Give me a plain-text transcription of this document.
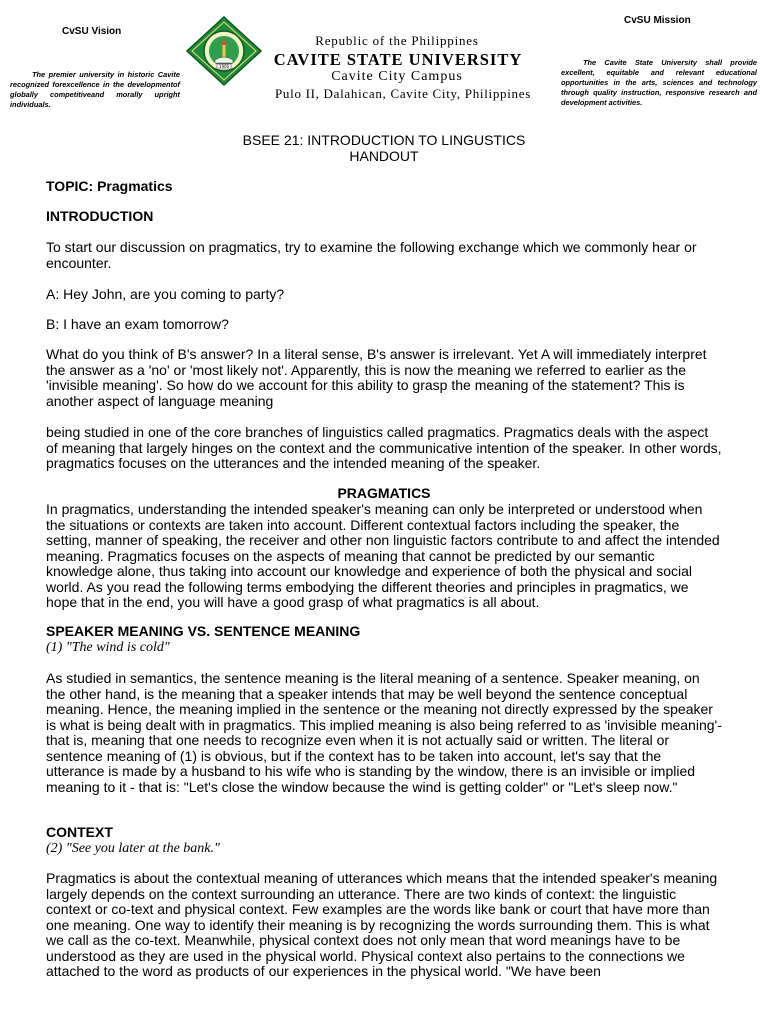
CvSU Vision
The premier university in historic Cavite recognized forexcellence in the developmentof globally competitiveand morally upright individuals.
CvSU Mission
The Cavite State University shall provide excellent, equitable and relevant educational opportunities in the arts, sciences and technology through quality instruction, responsive research and development activities.
1906
Republic of the Philippines
CAVITE STATE UNIVERSITY
Cavite City Campus
Pulo II, Dalahican, Cavite City, Philippines
BSEE 21: INTRODUCTION TO LINGUSTICS
HANDOUT
TOPIC: Pragmatics
INTRODUCTION
To start our discussion on pragmatics, try to examine the following exchange which we commonly hear or encounter.
A: Hey John, are you coming to party?
B: I have an exam tomorrow?
What do you think of B's answer? In a literal sense, B's answer is irrelevant. Yet A will immediately interpret the answer as a 'no' or 'most likely not'. Apparently, this is now the meaning we referred to earlier as the 'invisible meaning'. So how do we account for this ability to grasp the meaning of the statement? This is another aspect of language meaning
being studied in one of the core branches of linguistics called pragmatics. Pragmatics deals with the aspect of meaning that largely hinges on the context and the communicative intention of the speaker. In other words, pragmatics focuses on the utterances and the intended meaning of the speaker.
PRAGMATICS
In pragmatics, understanding the intended speaker's meaning can only be interpreted or understood when the situations or contexts are taken into account. Different contextual factors including the speaker, the setting, manner of speaking, the receiver and other non linguistic factors contribute to and affect the intended meaning. Pragmatics focuses on the aspects of meaning that cannot be predicted by our semantic knowledge alone, thus taking into account our knowledge and experience of both the physical and social world. As you read the following terms embodying the different theories and principles in pragmatics, we hope that in the end, you will have a good grasp of what pragmatics is all about.
SPEAKER MEANING VS. SENTENCE MEANING
(1) "The wind is cold"
As studied in semantics, the sentence meaning is the literal meaning of a sentence. Speaker meaning, on the other hand, is the meaning that a speaker intends that may be well beyond the sentence conceptual meaning. Hence, the meaning implied in the sentence or the meaning not directly expressed by the speaker is what is being dealt with in pragmatics. This implied meaning is also being referred to as 'invisible meaning'- that is, meaning that one needs to recognize even when it is not actually said or written. The literal or sentence meaning of (1) is obvious, but if the context has to be taken into account, let's say that the utterance is made by a husband to his wife who is standing by the window, there is an invisible or implied meaning to it - that is: "Let's close the window because the wind is getting colder" or "Let's sleep now."
CONTEXT
(2) "See you later at the bank."
Pragmatics is about the contextual meaning of utterances which means that the intended speaker's meaning largely depends on the context surrounding an utterance. There are two kinds of context: the linguistic context or co-text and physical context. Few examples are the words like bank or court that have more than one meaning. One way to identify their meaning is by recognizing the words surrounding them. This is what we call as the co-text. Meanwhile, physical context does not only mean that word meanings have to be understood as they are used in the physical world. Physical context also pertains to the connections we attached to the word as products of our experiences in the physical world. "We have been
